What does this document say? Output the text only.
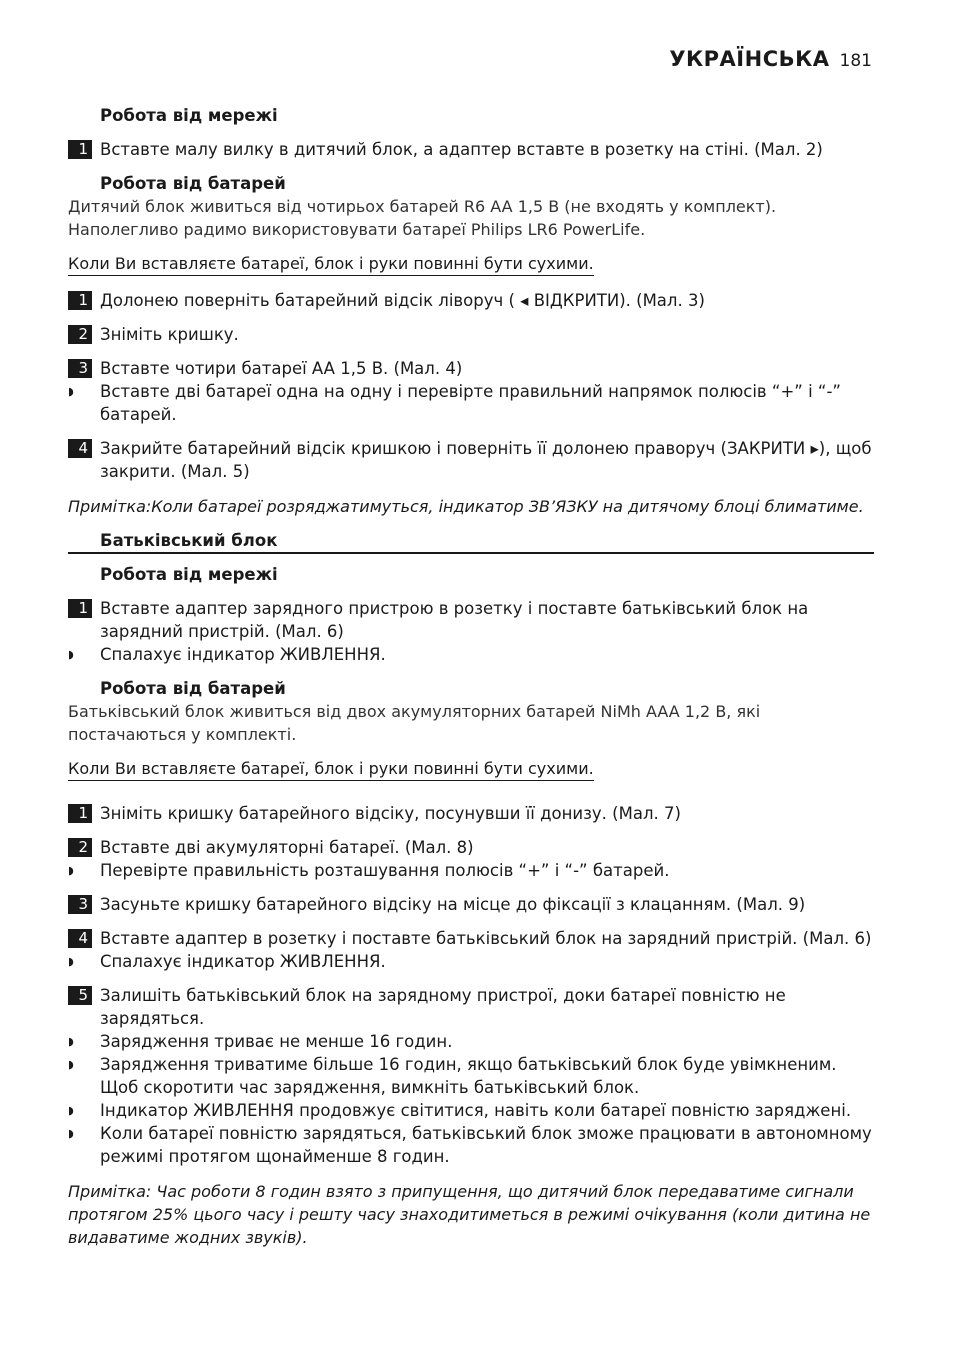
УКРАЇНСЬКА 181

Робота від мережі

1 Вставте малу вилку в дитячий блок, а адаптер вставте в розетку на стіні. (Мал. 2)

Робота від батарей

Дитячий блок живиться від чотирьох батарей R6 AA 1,5 В (не входять у комплект).

Наполегливо радимо використовувати батареї Philips LR6 PowerLife.

Коли Ви вставляєте батареї, блок і руки повинні бути сухими.

1 Долонею поверніть батарейний відсік ліворуч ( ◂ ВІДКРИТИ). (Мал. 3)
2 Зніміть кришку.
3 Вставте чотири батареї AA 1,5 В. (Мал. 4)
◗	Вставте дві батареї одна на одну і перевірте правильний напрямок полюсів “+” і “-” батарей.
4 Закрийте батарейний відсік кришкою і поверніть її долонею праворуч (ЗАКРИТИ ▸), щоб закрити. (Мал. 5)

Примітка:Коли батареї розряджатимуться, індикатор ЗВ’ЯЗКУ на дитячому блоці блиматиме.

Батьківський блок

Робота від мережі

1 Вставте адаптер зарядного пристрою в розетку і поставте батьківський блок на зарядний пристрій. (Мал. 6)
◗	Спалахує індикатор ЖИВЛЕННЯ.

Робота від батарей

Батьківський блок живиться від двох акумуляторних батарей NiMh AAA 1,2 В, які

постачаються у комплекті.

Коли Ви вставляєте батареї, блок і руки повинні бути сухими.

1 Зніміть кришку батарейного відсіку, посунувши її донизу. (Мал. 7)
2 Вставте дві акумуляторні батареї. (Мал. 8)
◗	Перевірте правильність розташування полюсів “+” і “-” батарей.
3 Засуньте кришку батарейного відсіку на місце до фіксації з клацанням. (Мал. 9)
4 Вставте адаптер в розетку і поставте батьківський блок на зарядний пристрій. (Мал. 6)
◗	Спалахує індикатор ЖИВЛЕННЯ.
5 Залишіть батьківський блок на зарядному пристрої, доки батареї повністю не зарядяться.
◗	Зарядження триває не менше 16 годин.
◗	Зарядження триватиме більше 16 годин, якщо батьківський блок буде увімкненим. Щоб скоротити час зарядження, вимкніть батьківський блок.
◗	Індикатор ЖИВЛЕННЯ продовжує світитися, навіть коли батареї повністю заряджені.
◗	Коли батареї повністю зарядяться, батьківський блок зможе працювати в автономному режимі протягом щонайменше 8 годин.

Примітка: Час роботи 8 годин взято з припущення, що дитячий блок передаватиме сигнали протягом 25% цього часу і решту часу знаходитиметься в режимі очікування (коли дитина не видаватиме жодних звуків).
